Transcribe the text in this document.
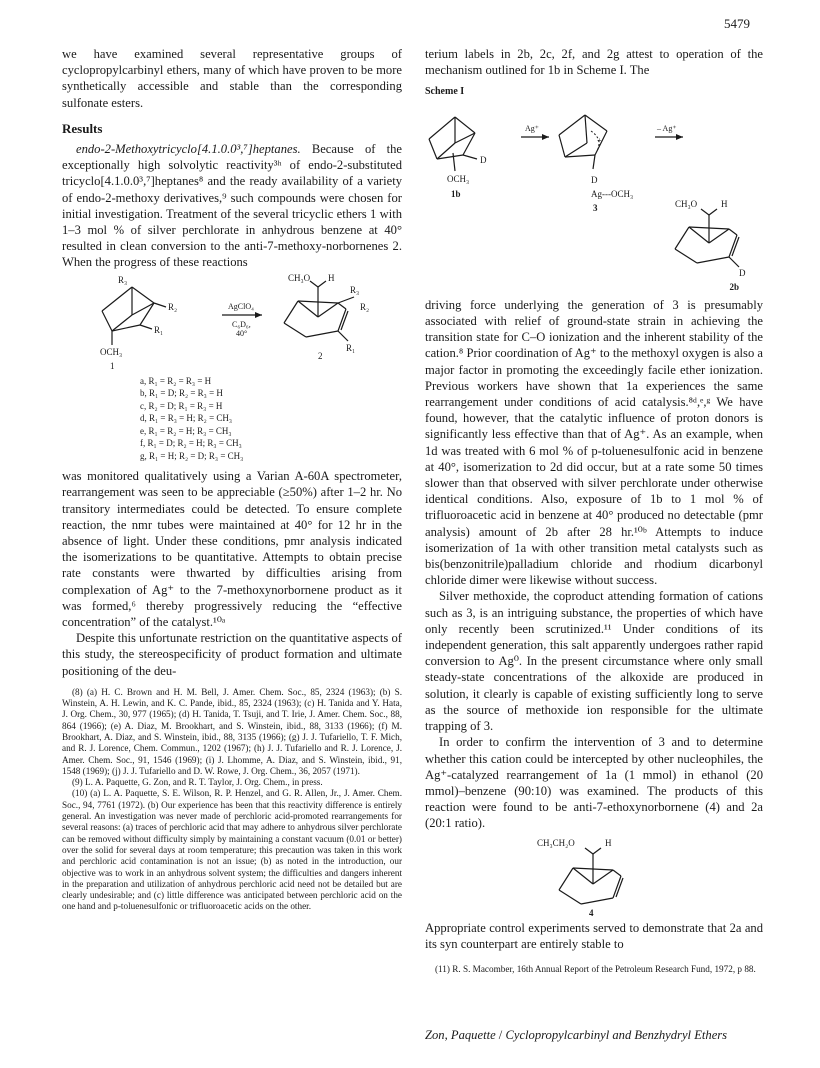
5479

we have examined several representative groups of cyclopropylcarbinyl ethers, many of which have proven to be more synthetically accessible and stable than the corresponding sulfonate esters.

Results

endo-2-Methoxytricyclo[4.1.0.0³,⁷]heptanes. Because of the exceptionally high solvolytic reactivity³ʰ of endo-2-substituted tricyclo[4.1.0.0³,⁷]heptanes⁸ and the ready availability of a variety of endo-2-methoxy derivatives,⁹ such compounds were chosen for initial investigation. Treatment of the several tricyclic ethers 1 with 1–3 mol % of silver perchlorate in anhydrous benzene at 40° resulted in clean conversion to the anti-7-methoxy-norbornenes 2. When the progress of these reactions

R₃
R₂
R₁
OCH₃
1
AgClO₄
C₆D₆,
40°
CH₃O H
R₃
R₂
R₁
2
a, R₁ = R₂ = R₃ = H
b, R₁ = D; R₂ = R₃ = H
c, R₂ = D; R₁ = R₃ = H
d, R₁ = R₃ = H; R₂ = CH₃
e, R₁ = R₂ = H; R₃ = CH₃
f, R₁ = D; R₂ = H; R₃ = CH₃
g, R₁ = H; R₂ = D; R₃ = CH₃

was monitored qualitatively using a Varian A-60A spectrometer, rearrangement was seen to be appreciable (≥50%) after 1–2 hr. No transitory intermediates could be detected. To ensure complete reaction, the nmr tubes were maintained at 40° for 12 hr in the absence of light. Under these conditions, pmr analysis indicated the isomerizations to be quantitative. Attempts to obtain precise rate constants were thwarted by difficulties arising from complexation of Ag⁺ to the 7-methoxynorbornene product as it was formed,⁶ thereby progressively reducing the “effective concentration” of the catalyst.¹⁰ᵃ

Despite this unfortunate restriction on the quantitative aspects of this study, the stereospecificity of product formation and ultimate positioning of the deu-

(8) (a) H. C. Brown and H. M. Bell, J. Amer. Chem. Soc., 85, 2324 (1963); (b) S. Winstein, A. H. Lewin, and K. C. Pande, ibid., 85, 2324 (1963); (c) H. Tanida and Y. Hata, J. Org. Chem., 30, 977 (1965); (d) H. Tanida, T. Tsuji, and T. Irie, J. Amer. Chem. Soc., 88, 864 (1966); (e) A. Diaz, M. Brookhart, and S. Winstein, ibid., 88, 3133 (1966); (f) M. Brookhart, A. Diaz, and S. Winstein, ibid., 88, 3135 (1966); (g) J. J. Tufariello, T. F. Mich, and R. J. Lorence, Chem. Commun., 1202 (1967); (h) J. J. Tufariello and R. J. Lorence, J. Amer. Chem. Soc., 91, 1546 (1969); (i) J. Lhomme, A. Diaz, and S. Winstein, ibid., 91, 1548 (1969); (j) J. J. Tufariello and D. W. Rowe, J. Org. Chem., 36, 2057 (1971).

(9) L. A. Paquette, G. Zon, and R. T. Taylor, J. Org. Chem., in press.

(10) (a) L. A. Paquette, S. E. Wilson, R. P. Henzel, and G. R. Allen, Jr., J. Amer. Chem. Soc., 94, 7761 (1972). (b) Our experience has been that this reactivity difference is entirely general. An investigation was never made of perchloric acid-promoted rearrangements for several reasons: (a) traces of perchloric acid that may adhere to anhydrous silver perchlorate can be removed without difficulty simply by maintaining a constant vacuum (0.01 or better) over the solid for several days at room temperature; this precaution was taken in this work and perchloric acid contamination is not an issue; (b) as noted in the introduction, our objective was to work in an anhydrous solvent system; the difficulties and dangers inherent in the preparation and utilization of anhydrous perchloric acid need not be detailed but are clearly undesirable; and (c) little difference was anticipated between perchloric acid on the one hand and p-toluenesulfonic or trifluoroacetic acids on the other.

terium labels in 2b, 2c, 2f, and 2g attest to operation of the mechanism outlined for 1b in Scheme I. The

Scheme I
D
OCH₃
1b
Ag⁺	– Ag⁺
+
D
Ag---OCH₃
3	CH₃O	H
D
2b

driving force underlying the generation of 3 is presumably associated with relief of ground-state strain in achieving the transition state for C–O ionization and the inherent stability of the cation.⁸ Prior coordination of Ag⁺ to the methoxyl oxygen is also a major factor in promoting the exceedingly facile ether ionization. Previous workers have shown that 1a experiences the same rearrangement under conditions of acid catalysis.⁸ᵈ,ᵉ,ᵍ We have found, however, that the catalytic influence of proton donors is significantly less effective than that of Ag⁺. As an example, when 1d was treated with 6 mol % of p-toluenesulfonic acid in benzene at 40°, isomerization to 2d did occur, but at a rate some 50 times slower than that observed with silver perchlorate under otherwise identical conditions. Also, exposure of 1b to 1 mol % of trifluoroacetic acid in benzene at 40° produced no detectable (pmr analysis) amount of 2b after 28 hr.¹⁰ᵇ Attempts to induce isomerization of 1a with other transition metal catalysts such as bis(benzonitrile)palladium chloride and rhodium dicarbonyl chloride dimer were likewise without success.

Silver methoxide, the coproduct attending formation of cations such as 3, is an intriguing substance, the properties of which have only recently been scrutinized.¹¹ Under conditions of its independent generation, this salt apparently undergoes rather rapid conversion to Ag⁰. In the present circumstance where only small steady-state concentrations of the alkoxide are produced in solution, it clearly is capable of existing sufficiently long to serve as the source of methoxide ion responsible for the ultimate trapping of 3.

In order to confirm the intervention of 3 and to determine whether this cation could be intercepted by other nucleophiles, the Ag⁺-catalyzed rearrangement of 1a (1 mmol) in ethanol (20 mmol)–benzene (90:10) was examined. The products of this reaction were found to be anti-7-ethoxynorbornene (4) and 2a (20:1 ratio).

CH₃CH₂O	H
4

Appropriate control experiments served to demonstrate that 2a and its syn counterpart are entirely stable to

(11) R. S. Macomber, 16th Annual Report of the Petroleum Research Fund, 1972, p 88.

Zon, Paquette / Cyclopropylcarbinyl and Benzhydryl Ethers
